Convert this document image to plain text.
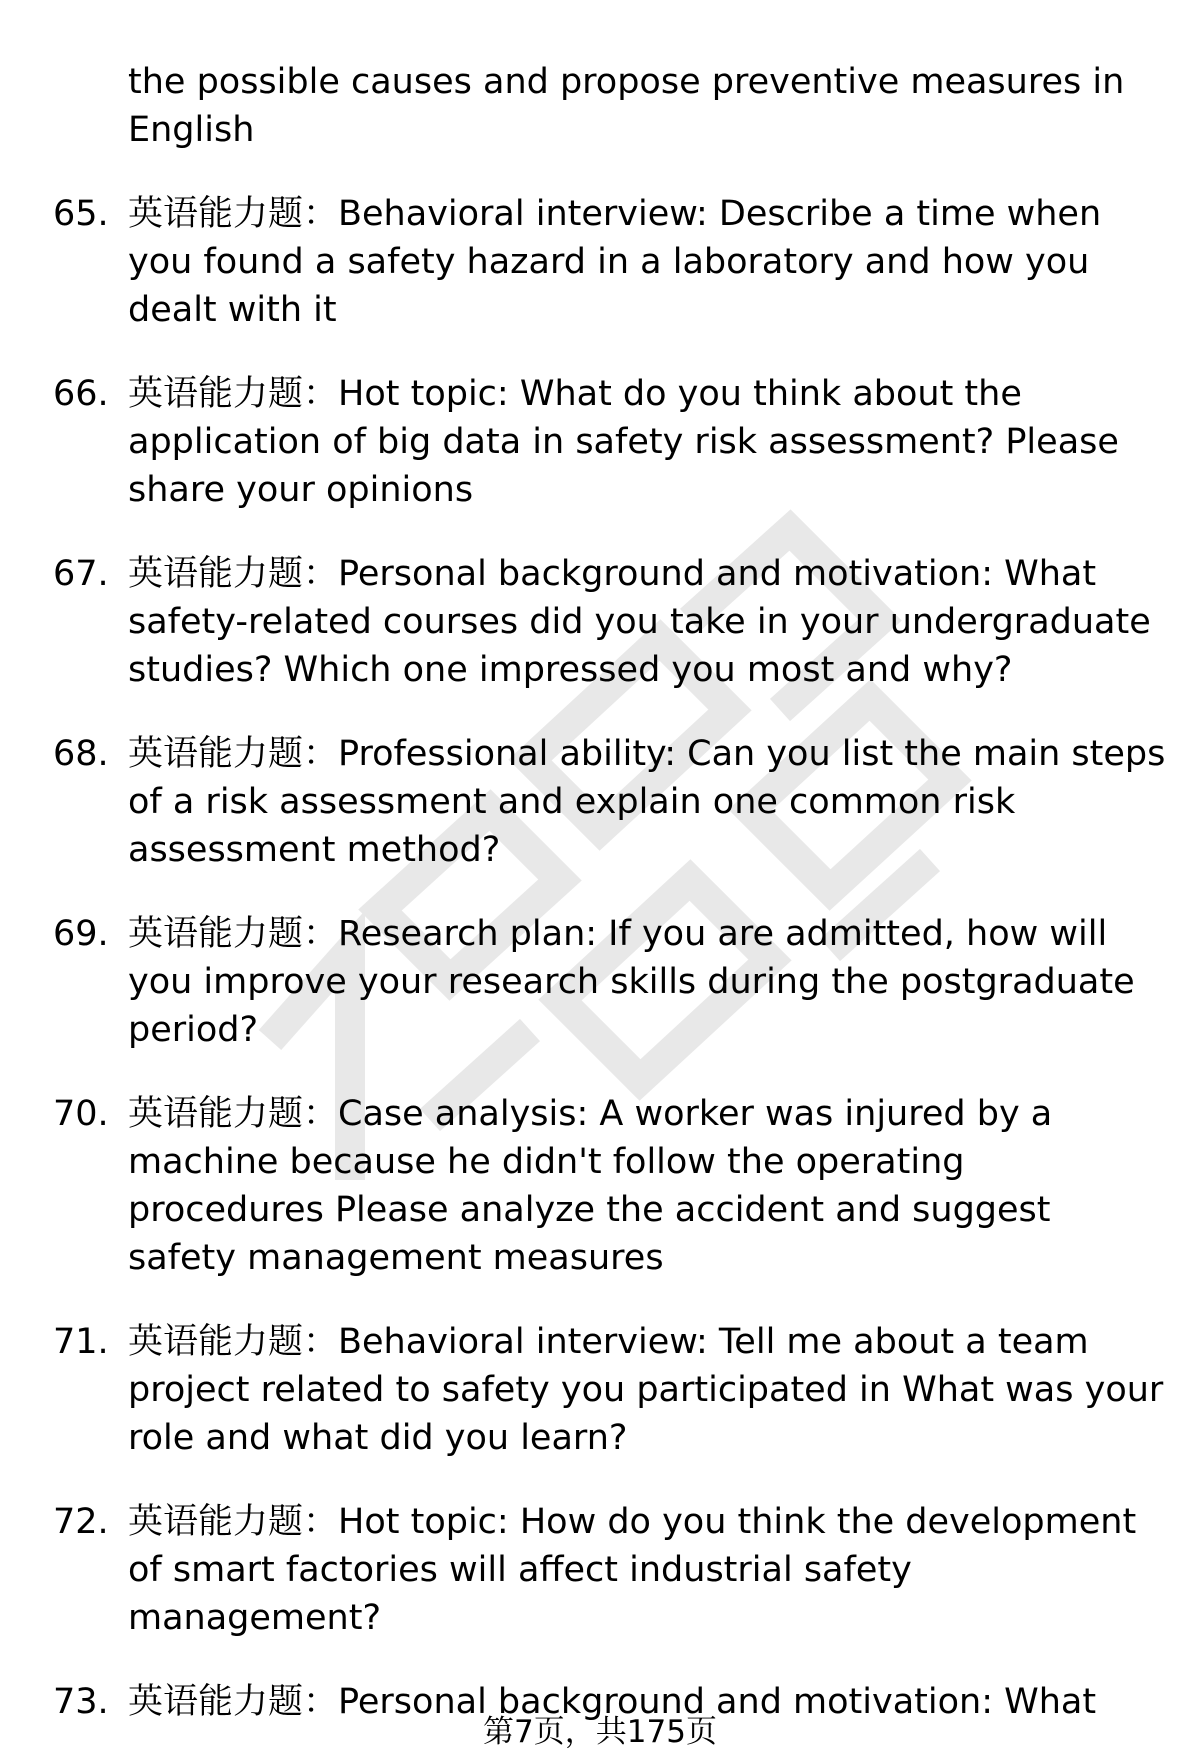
the possible causes and propose preventive measures in English
65. 英语能力题：Behavioral interview: Describe a time when you found a safety hazard in a laboratory and how you dealt with it
66. 英语能力题：Hot topic: What do you think about the application of big data in safety risk assessment? Please share your opinions
67. 英语能力题：Personal background and motivation: What safety-related courses did you take in your undergraduate studies? Which one impressed you most and why?
68. 英语能力题：Professional ability: Can you list the main steps of a risk assessment and explain one common risk assessment method?
69. 英语能力题：Research plan: If you are admitted, how will you improve your research skills during the postgraduate period?
70. 英语能力题：Case analysis: A worker was injured by a machine because he didn't follow the operating procedures Please analyze the accident and suggest safety management measures
71. 英语能力题：Behavioral interview: Tell me about a team project related to safety you participated in What was your role and what did you learn?
72. 英语能力题：Hot topic: How do you think the development of smart factories will affect industrial safety management?
73. 英语能力题：Personal background and motivation: What
第7页，共175页
